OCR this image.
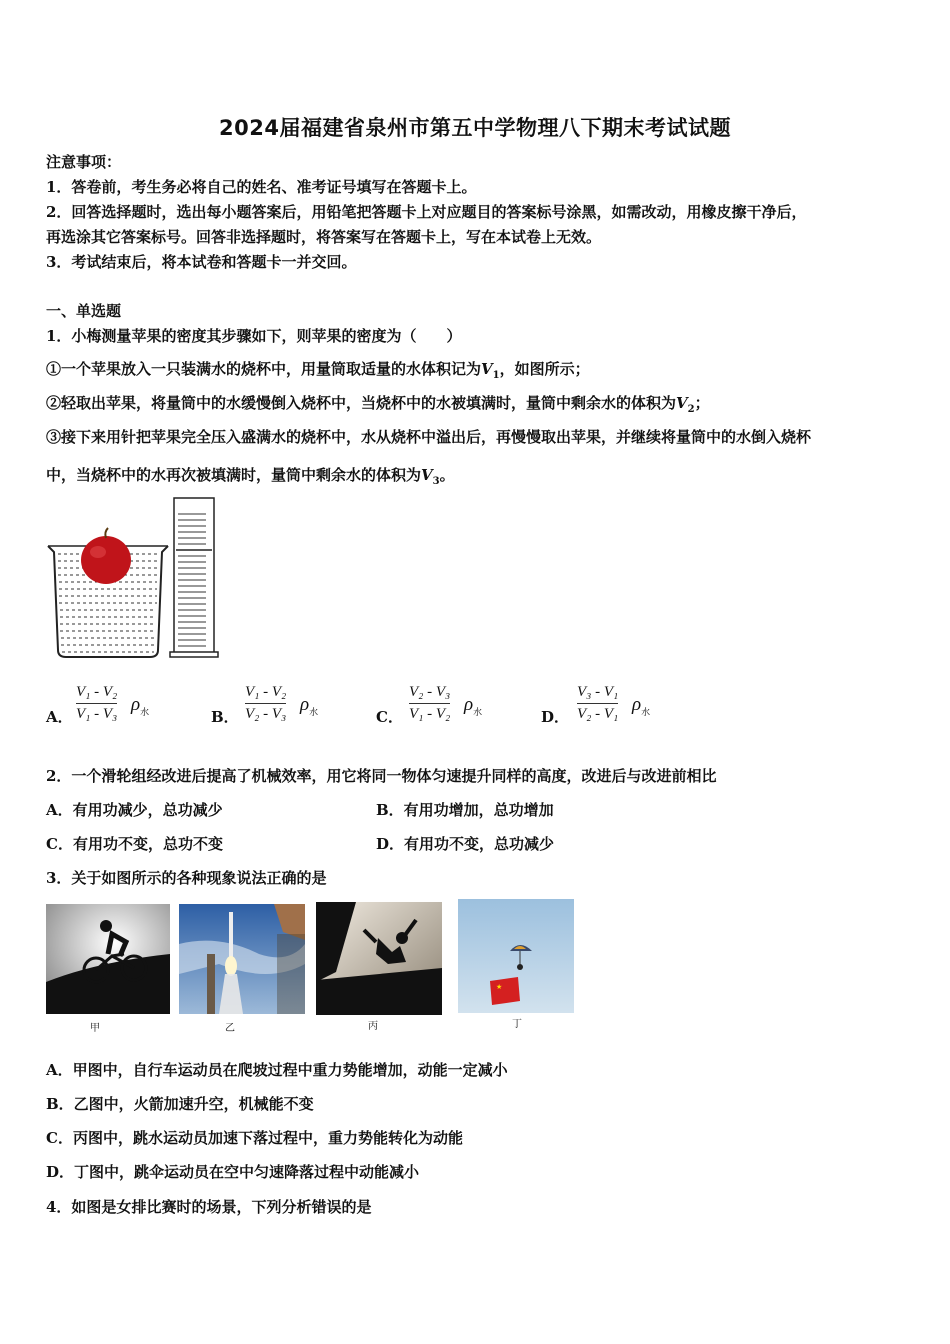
2024届福建省泉州市第五中学物理八下期末考试试题
注意事项：
1．答卷前，考生务必将自己的姓名、准考证号填写在答题卡上。
2．回答选择题时，选出每小题答案后，用铅笔把答题卡上对应题目的答案标号涂黑，如需改动，用橡皮擦干净后，
再选涂其它答案标号。回答非选择题时，将答案写在答题卡上，写在本试卷上无效。
3．考试结束后，将本试卷和答题卡一并交回。
一、单选题
1．小梅测量苹果的密度其步骤如下，则苹果的密度为（　　）
①一个苹果放入一只装满水的烧杯中，用量筒取适量的水体积记为$V_1$，如图所示；
②轻取出苹果，将量筒中的水缓慢倒入烧杯中，当烧杯中的水被填满时，量筒中剩余水的体积为$V_2$；
③接下来用针把苹果完全压入盛满水的烧杯中，水从烧杯中溢出后，再慢慢取出苹果，并继续将量筒中的水倒入烧杯
中，当烧杯中的水再次被填满时，量筒中剩余水的体积为$V_3$。
A．
V₁ - V₂
V₁ - V₃ $\rho_水$	B．
V₁ - V₂
V₂ - V₃ $\rho_水$	C．
V₂ - V₃
V₁ - V₂ $\rho_水$	D．
V₃ - V₁
V₂ - V₁ $\rho_水$
2．一个滑轮组经改进后提高了机械效率，用它将同一物体匀速提升同样的高度，改进后与改进前相比
A．有用功减少，总功减少	B．有用功增加，总功增加
C．有用功不变，总功不变	D．有用功不变，总功减少
3．关于如图所示的各种现象说法正确的是
甲	乙	丙
★
丁
A．甲图中，自行车运动员在爬坡过程中重力势能增加，动能一定减小
B．乙图中，火箭加速升空，机械能不变
C．丙图中，跳水运动员加速下落过程中，重力势能转化为动能
D．丁图中，跳伞运动员在空中匀速降落过程中动能减小
4．如图是女排比赛时的场景，下列分析错误的是
